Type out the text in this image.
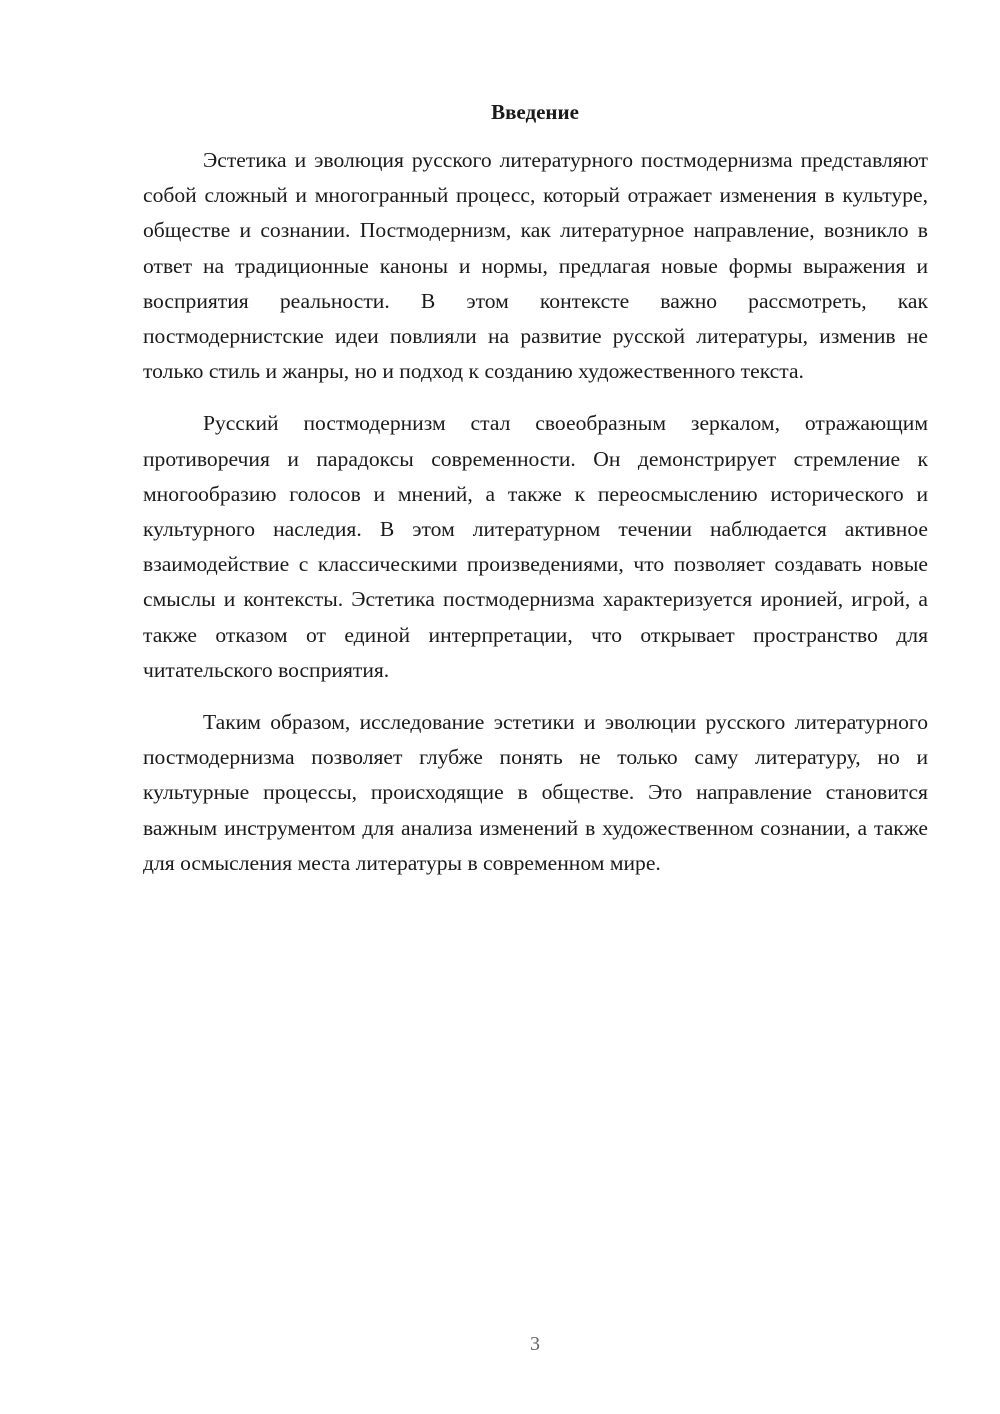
Введение

Эстетика и эволюция русского литературного постмодернизма представляют собой сложный и многогранный процесс, который отражает изменения в культуре, обществе и сознании. Постмодернизм, как литературное направление, возникло в ответ на традиционные каноны и нормы, предлагая новые формы выражения и восприятия реальности. В этом контексте важно рассмотреть, как постмодернистские идеи повлияли на развитие русской литературы, изменив не только стиль и жанры, но и подход к созданию художественного текста.

Русский постмодернизм стал своеобразным зеркалом, отражающим противоречия и парадоксы современности. Он демонстрирует стремление к многообразию голосов и мнений, а также к переосмыслению исторического и культурного наследия. В этом литературном течении наблюдается активное взаимодействие с классическими произведениями, что позволяет создавать новые смыслы и контексты. Эстетика постмодернизма характеризуется иронией, игрой, а также отказом от единой интерпретации, что открывает пространство для читательского восприятия.

Таким образом, исследование эстетики и эволюции русского литературного постмодернизма позволяет глубже понять не только саму литературу, но и культурные процессы, происходящие в обществе. Это направление становится важным инструментом для анализа изменений в художественном сознании, а также для осмысления места литературы в современном мире.

3
